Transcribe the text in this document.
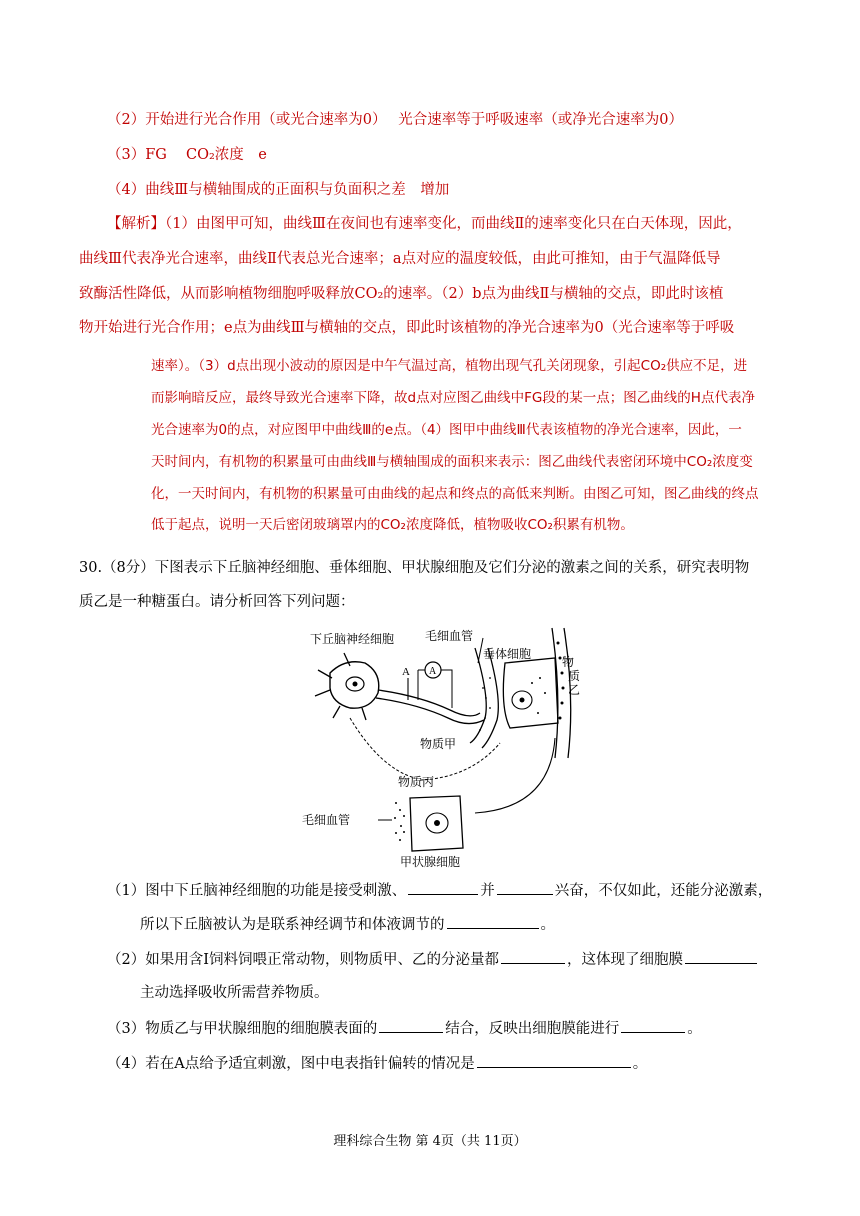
（2）开始进行光合作用（或光合速率为0）　 光合速率等于呼吸速率（或净光合速率为0）
（3）FG　 CO₂浓度　e
（4）曲线Ⅲ与横轴围成的正面积与负面积之差　增加
【解析】（1）由图甲可知，曲线Ⅲ在夜间也有速率变化，而曲线Ⅱ的速率变化只在白天体现，因此，
曲线Ⅲ代表净光合速率，曲线Ⅱ代表总光合速率；a点对应的温度较低，由此可推知，由于气温降低导
致酶活性降低，从而影响植物细胞呼吸释放CO₂的速率。（2）b点为曲线Ⅱ与横轴的交点，即此时该植
物开始进行光合作用；e点为曲线Ⅲ与横轴的交点，即此时该植物的净光合速率为0（光合速率等于呼吸
速率）。（3）d点出现小波动的原因是中午气温过高，植物出现气孔关闭现象，引起CO₂供应不足，进
而影响暗反应，最终导致光合速率下降，故d点对应图乙曲线中FG段的某一点；图乙曲线的H点代表净
光合速率为0的点，对应图甲中曲线Ⅲ的e点。（4）图甲中曲线Ⅲ代表该植物的净光合速率，因此，一
天时间内，有机物的积累量可由曲线Ⅲ与横轴围成的面积来表示：图乙曲线代表密闭环境中CO₂浓度变
化，一天时间内，有机物的积累量可由曲线的起点和终点的高低来判断。由图乙可知，图乙曲线的终点
低于起点，说明一天后密闭玻璃罩内的CO₂浓度降低，植物吸收CO₂积累有机物。
30.（8分）下图表示下丘脑神经细胞、垂体细胞、甲状腺细胞及它们分泌的激素之间的关系，研究表明物
质乙是一种糖蛋白。请分析回答下列问题：
A A
毛细血管
垂体细胞
物
质
乙
下丘脑神经细胞
物质甲
物质丙
毛细血管
甲状腺细胞
（1）图中下丘脑神经细胞的功能是接受刺激、	并	兴奋，不仅如此，还能分泌激素，
所以下丘脑被认为是联系神经调节和体液调节的	。
（2）如果用含Ⅰ饲料饲喂正常动物，则物质甲、乙的分泌量都	，这体现了细胞膜
主动选择吸收所需营养物质。
（3）物质乙与甲状腺细胞的细胞膜表面的	结合，反映出细胞膜能进行	。
（4）若在A点给予适宜刺激，图中电表指针偏转的情况是	。
理科综合生物 第 4页（共 11页）
